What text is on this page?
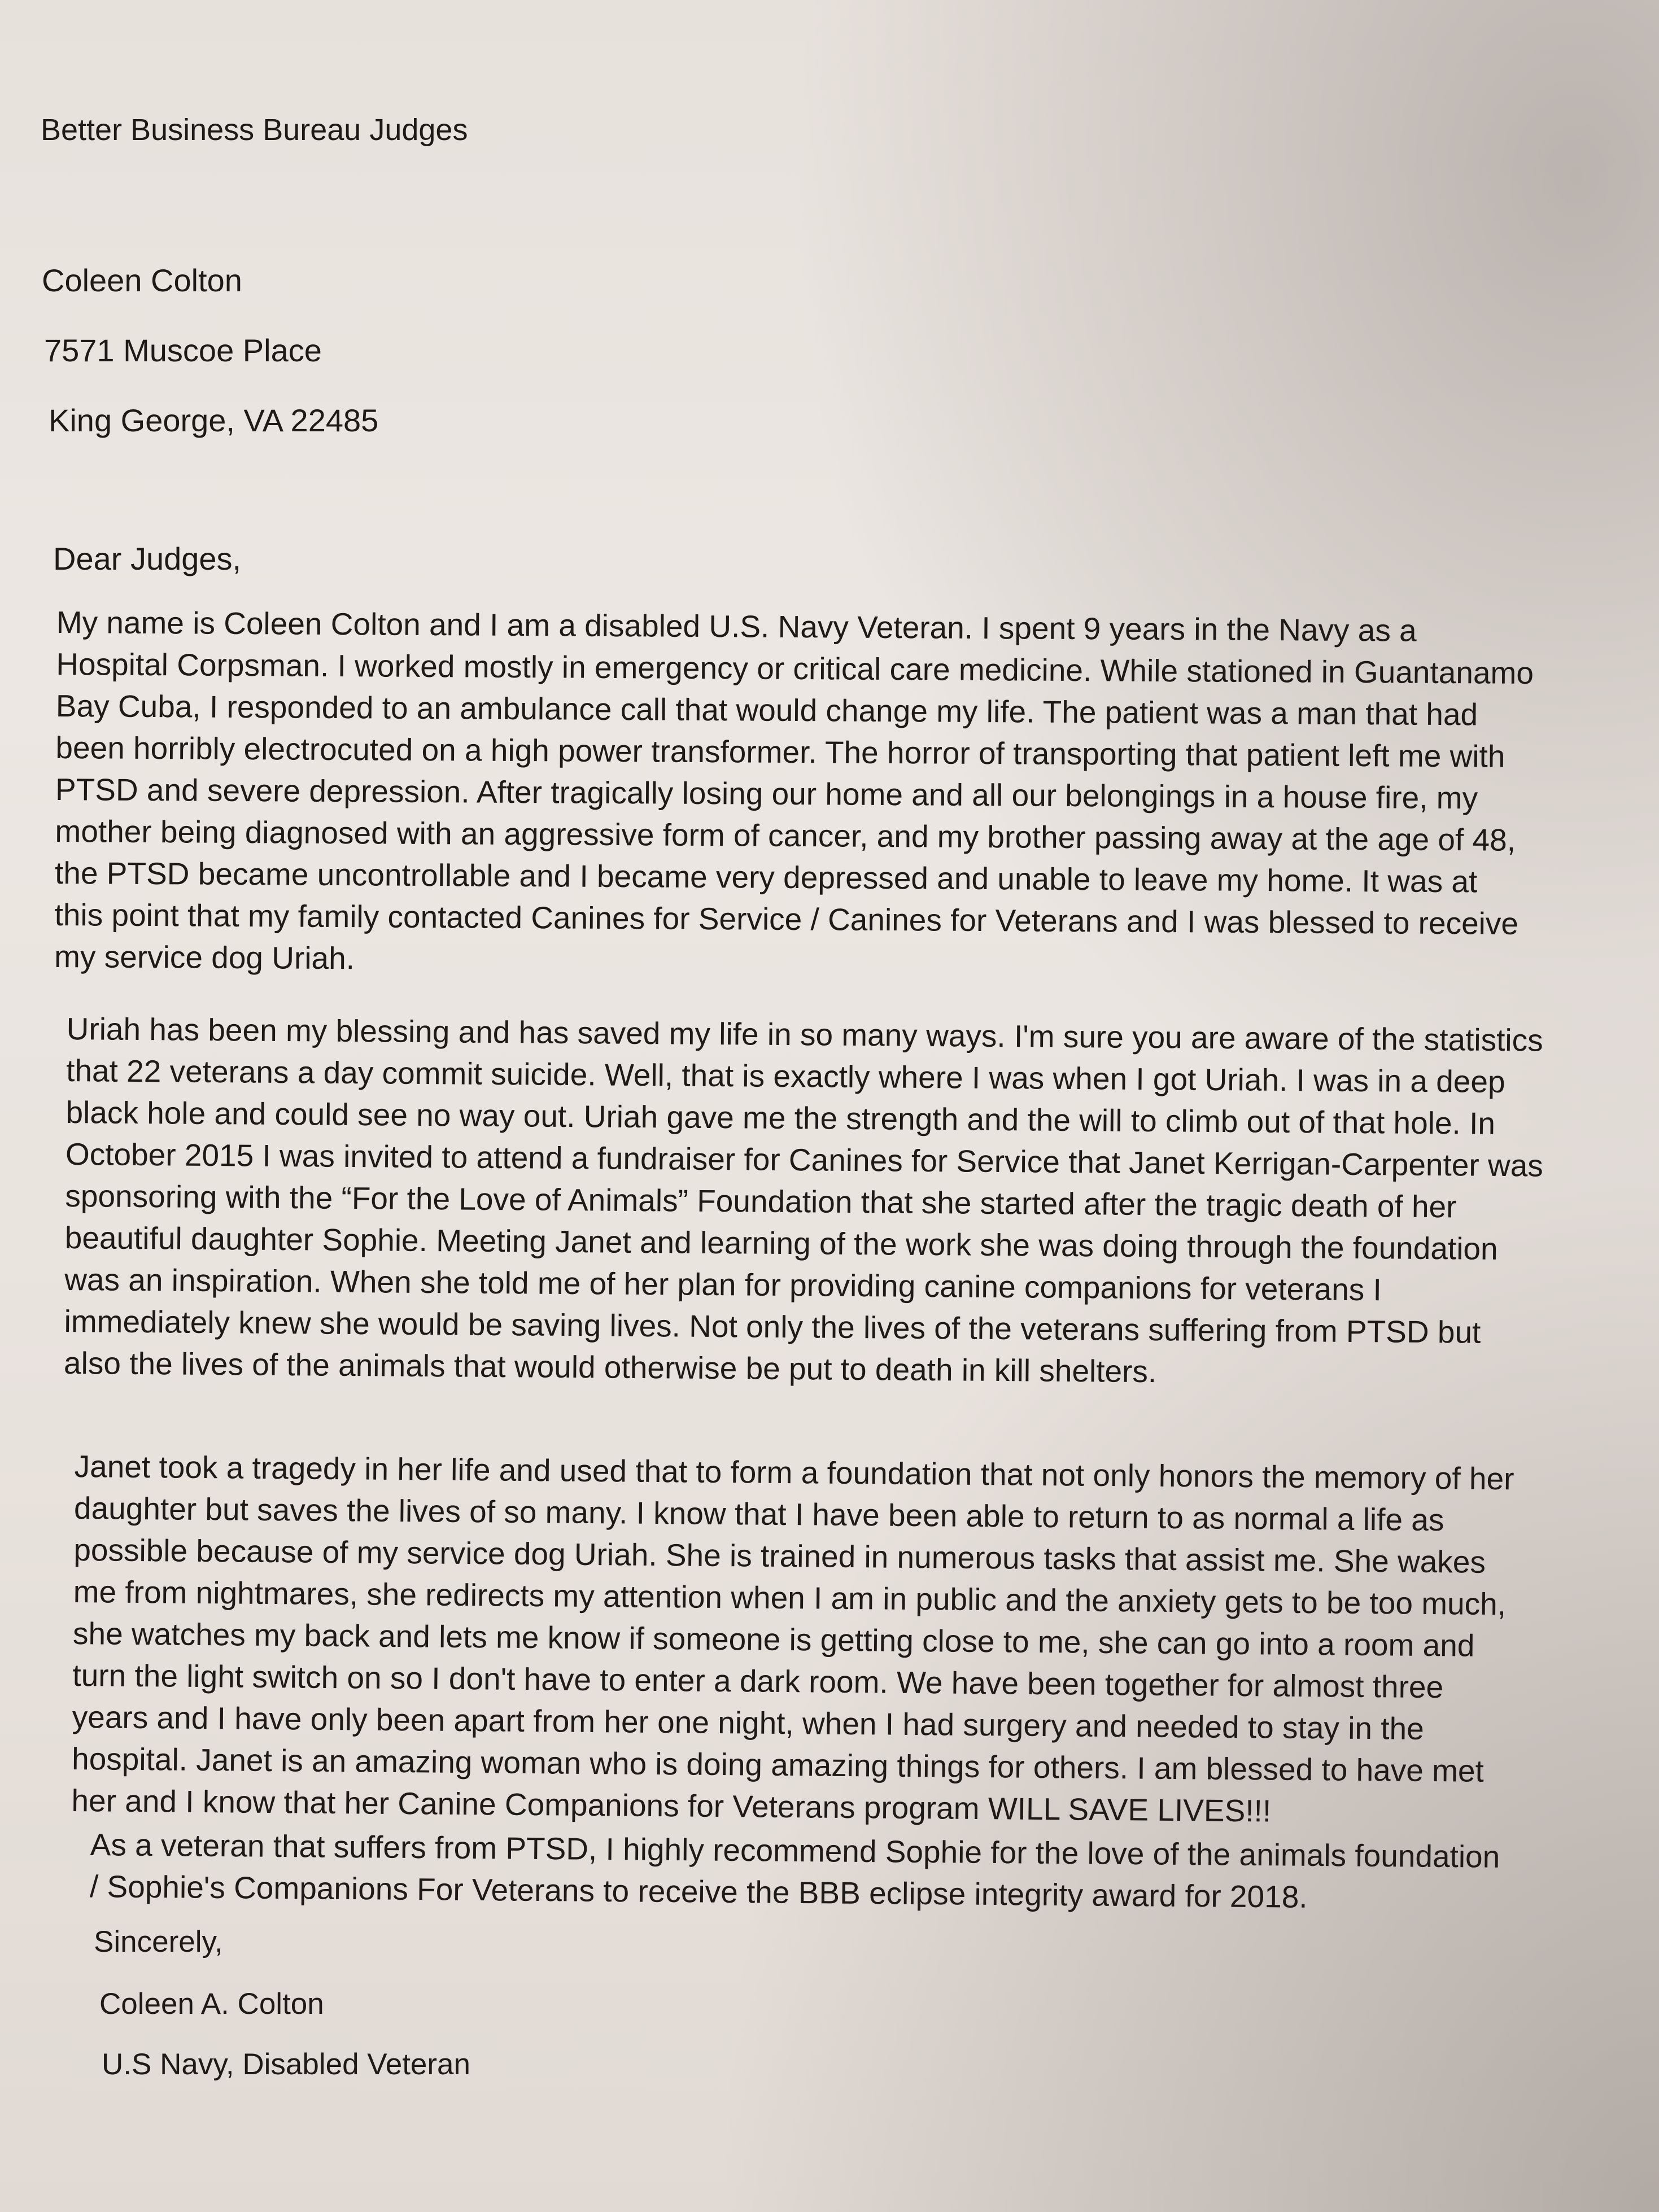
Better Business Bureau Judges
Coleen Colton
7571 Muscoe Place
King George, VA 22485
Dear Judges,
My name is Coleen Colton and I am a disabled U.S. Navy Veteran. I spent 9 years in the Navy as a Hospital Corpsman. I worked mostly in emergency or critical care medicine. While stationed in Guantanamo Bay Cuba, I responded to an ambulance call that would change my life. The patient was a man that had been horribly electrocuted on a high power transformer. The horror of transporting that patient left me with PTSD and severe depression. After tragically losing our home and all our belongings in a house fire, my mother being diagnosed with an aggressive form of cancer, and my brother passing away at the age of 48, the PTSD became uncontrollable and I became very depressed and unable to leave my home. It was at this point that my family contacted Canines for Service / Canines for Veterans and I was blessed to receive my service dog Uriah.
Uriah has been my blessing and has saved my life in so many ways. I'm sure you are aware of the statistics that 22 veterans a day commit suicide. Well, that is exactly where I was when I got Uriah. I was in a deep black hole and could see no way out. Uriah gave me the strength and the will to climb out of that hole. In October 2015 I was invited to attend a fundraiser for Canines for Service that Janet Kerrigan-Carpenter was sponsoring with the “For the Love of Animals” Foundation that she started after the tragic death of her beautiful daughter Sophie. Meeting Janet and learning of the work she was doing through the foundation was an inspiration. When she told me of her plan for providing canine companions for veterans I immediately knew she would be saving lives. Not only the lives of the veterans suffering from PTSD but also the lives of the animals that would otherwise be put to death in kill shelters.
Janet took a tragedy in her life and used that to form a foundation that not only honors the memory of her daughter but saves the lives of so many. I know that I have been able to return to as normal a life as possible because of my service dog Uriah. She is trained in numerous tasks that assist me. She wakes me from nightmares, she redirects my attention when I am in public and the anxiety gets to be too much, she watches my back and lets me know if someone is getting close to me, she can go into a room and turn the light switch on so I don't have to enter a dark room. We have been together for almost three years and I have only been apart from her one night, when I had surgery and needed to stay in the hospital. Janet is an amazing woman who is doing amazing things for others. I am blessed to have met her and I know that her Canine Companions for Veterans program WILL SAVE LIVES!!!
As a veteran that suffers from PTSD, I highly recommend Sophie for the love of the animals foundation / Sophie's Companions For Veterans to receive the BBB eclipse integrity award for 2018.
Sincerely,
Coleen A. Colton
U.S Navy, Disabled Veteran
